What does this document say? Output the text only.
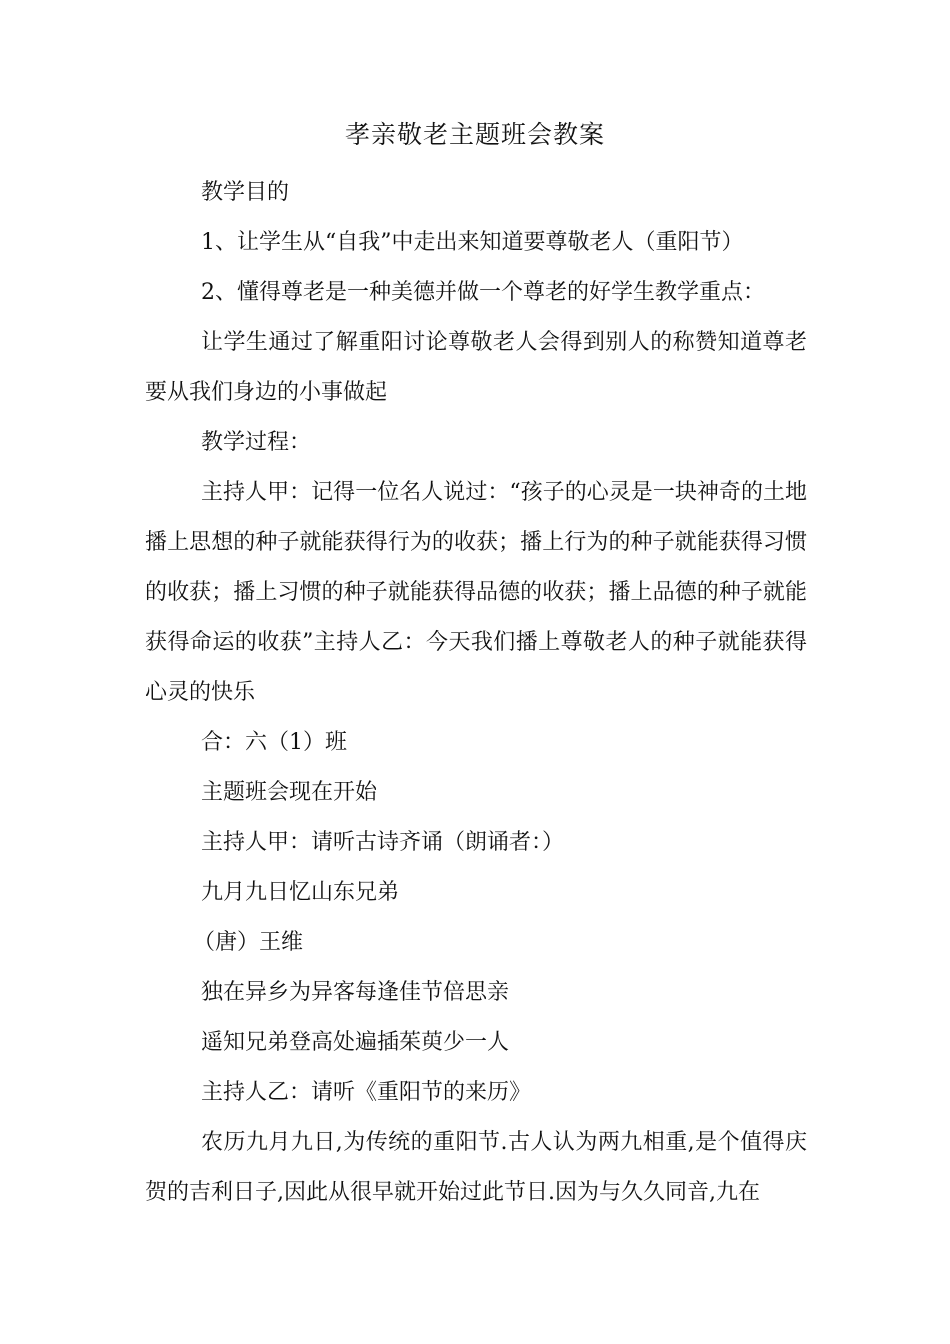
孝亲敬老主题班会教案

教学目的

1、让学生从“自我”中走出来知道要尊敬老人（重阳节）

2、懂得尊老是一种美德并做一个尊老的好学生教学重点：

让学生通过了解重阳讨论尊敬老人会得到别人的称赞知道尊老要从我们身边的小事做起

教学过程：

主持人甲：记得一位名人说过：“孩子的心灵是一块神奇的土地播上思想的种子就能获得行为的收获；播上行为的种子就能获得习惯的收获；播上习惯的种子就能获得品德的收获；播上品德的种子就能获得命运的收获”主持人乙：今天我们播上尊敬老人的种子就能获得心灵的快乐

合：六（1）班

主题班会现在开始

主持人甲：请听古诗齐诵（朗诵者：）

九月九日忆山东兄弟

（唐）王维

独在异乡为异客每逢佳节倍思亲

遥知兄弟登高处遍插茱萸少一人

主持人乙：请听《重阳节的来历》

农历九月九日,为传统的重阳节.古人认为两九相重,是个值得庆贺的吉利日子,因此从很早就开始过此节日.因为与久久同音,九在
